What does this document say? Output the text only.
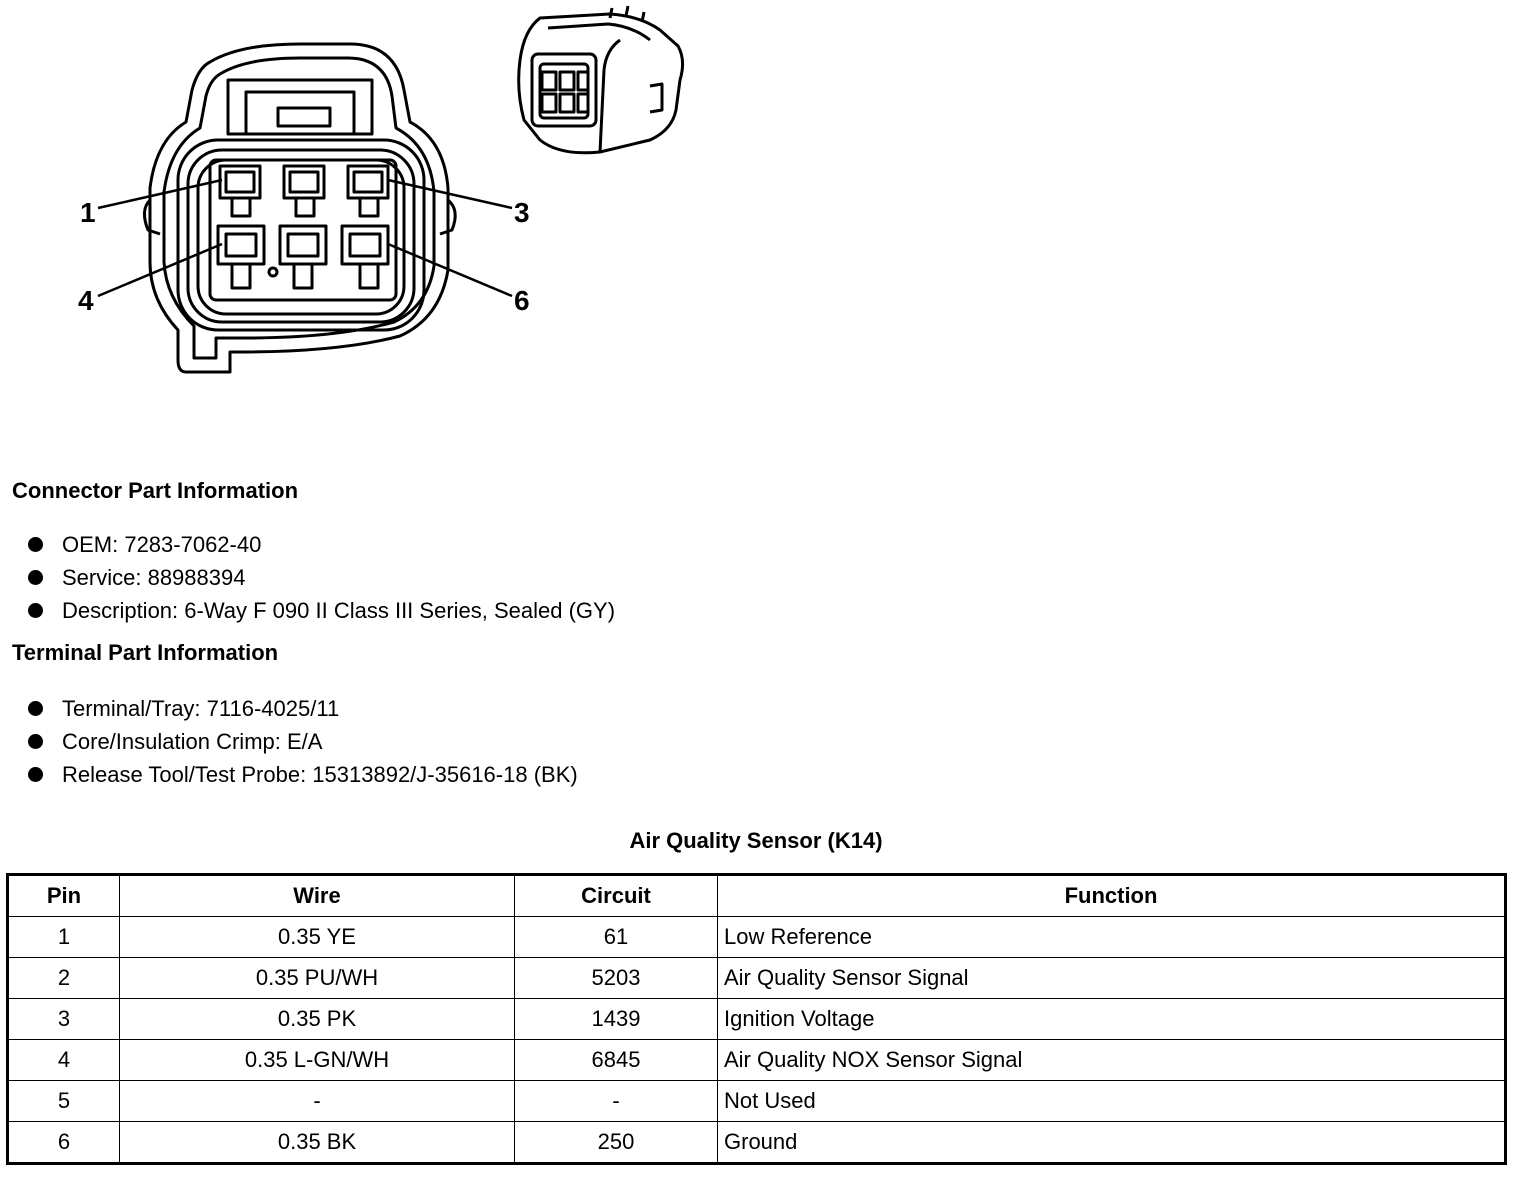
1	3
4	6
Connector Part Information
OEM: 7283-7062-40
Service: 88988394
Description: 6-Way F 090 II Class III Series, Sealed (GY)
Terminal Part Information
Terminal/Tray: 7116-4025/11
Core/Insulation Crimp: E/A
Release Tool/Test Probe: 15313892/J-35616-18 (BK)
Air Quality Sensor (K14)
Pin	Wire	Circuit	Function
1	0.35 YE	61	Low Reference
2	0.35 PU/WH	5203	Air Quality Sensor Signal
3	0.35 PK	1439	Ignition Voltage
4	0.35 L-GN/WH	6845	Air Quality NOX Sensor Signal
5	-	-	Not Used
6	0.35 BK	250	Ground
